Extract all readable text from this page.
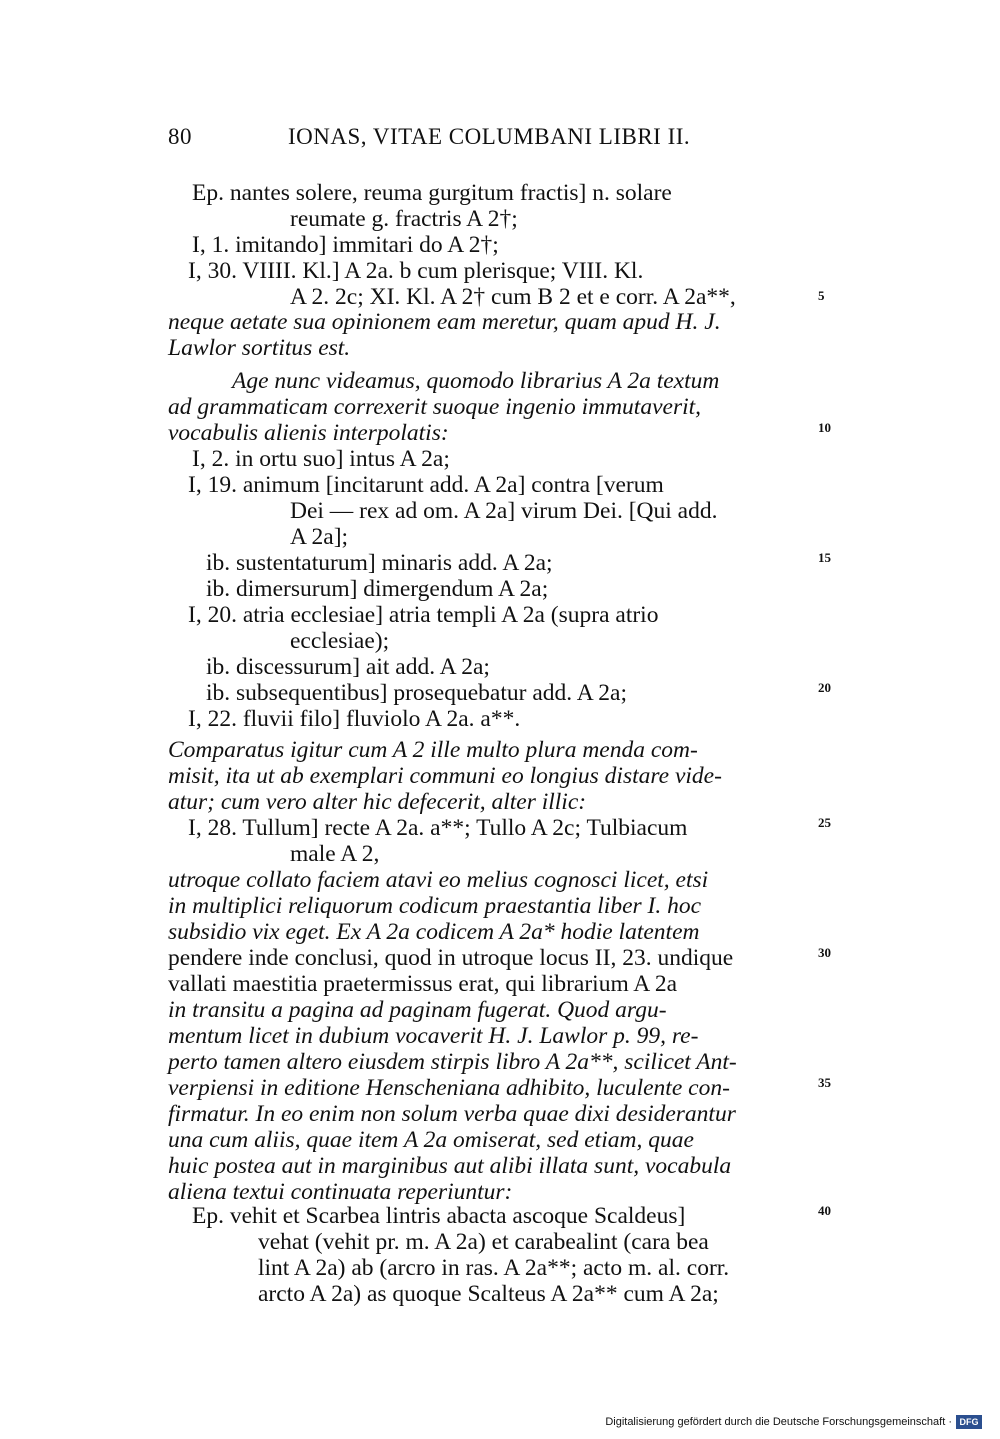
80	IONAS, VITAE COLUMBANI LIBRI II.
Ep. nantes solere, reuma gurgitum fractis] n. solare
reumate g. fractris A 2†;
I, 1. imitando] immitari do A 2†;
I, 30. VIIII. Kl.] A 2a. b cum plerisque; VIII. Kl.
A 2. 2c; XI. Kl. A 2† cum B 2 et e corr. A 2a**,
neque aetate sua opinionem eam meretur, quam apud H. J.
Lawlor sortitus est.
Age nunc videamus, quomodo librarius A 2a textum
ad grammaticam correxerit suoque ingenio immutaverit,
vocabulis alienis interpolatis:
I, 2. in ortu suo] intus A 2a;
I, 19. animum [incitarunt add. A 2a] contra [verum
Dei — rex ad om. A 2a] virum Dei. [Qui add.
A 2a];
ib. sustentaturum] minaris add. A 2a;
ib. dimersurum] dimergendum A 2a;
I, 20. atria ecclesiae] atria templi A 2a (supra atrio
ecclesiae);
ib. discessurum] ait add. A 2a;
ib. subsequentibus] prosequebatur add. A 2a;
I, 22. fluvii filo] fluviolo A 2a. a**.
Comparatus igitur cum A 2 ille multo plura menda com-
misit, ita ut ab exemplari communi eo longius distare vide-
atur; cum vero alter hic defecerit, alter illic:
I, 28. Tullum] recte A 2a. a**; Tullo A 2c; Tulbiacum
male A 2,
utroque collato faciem atavi eo melius cognosci licet, etsi
in multiplici reliquorum codicum praestantia liber I. hoc
subsidio vix eget. Ex A 2a codicem A 2a* hodie latentem
pendere inde conclusi, quod in utroque locus II, 23. undique
vallati maestitia praetermissus erat, qui librarium A 2a
in transitu a pagina ad paginam fugerat. Quod argu-
mentum licet in dubium vocaverit H. J. Lawlor p. 99, re-
perto tamen altero eiusdem stirpis libro A 2a**, scilicet Ant-
verpiensi in editione Henscheniana adhibito, luculente con-
firmatur. In eo enim non solum verba quae dixi desiderantur
una cum aliis, quae item A 2a omiserat, sed etiam, quae
huic postea aut in marginibus aut alibi illata sunt, vocabula
aliena textui continuata reperiuntur:
Ep. vehit et Scarbea lintris abacta ascoque Scaldeus]
vehat (vehit pr. m. A 2a) et carabealint (cara bea
lint A 2a) ab (arcro in ras. A 2a**; acto m. al. corr.
arcto A 2a) as quoque Scalteus A 2a** cum A 2a;
5
10
15
20
25
30
35
40
Digitalisierung gefördert durch die Deutsche Forschungsgemeinschaft · DFG
